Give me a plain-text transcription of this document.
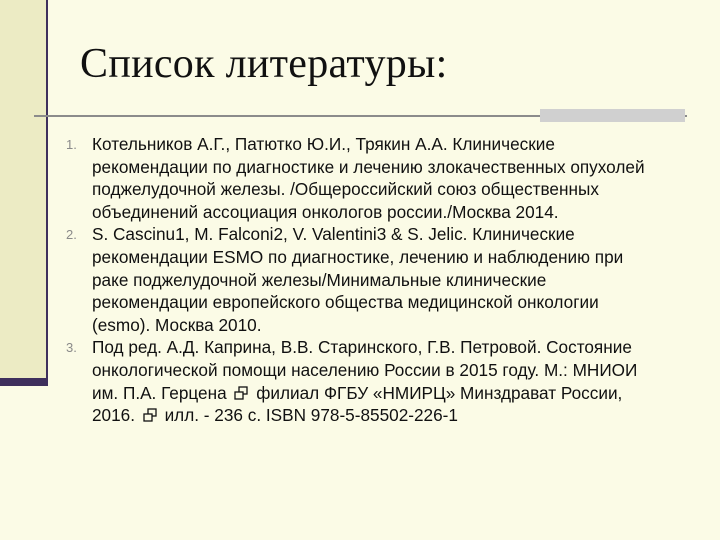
Список литературы:
1. Котельников А.Г., Патютко Ю.И., Трякин А.А. Клинические
рекомендации по диагностике и лечению злокачественных опухолей
поджелудочной железы. /Общероссийский союз общественных
объединений ассоциация онкологов россии./Москва 2014.
2. S. Cascinu1, M. Falconi2, V. Valentini3 & S. Jelic. Клинические
рекомендации ESMO по диагностике, лечению и наблюдению при
раке поджелудочной железы/Минимальные клинические
рекомендации европейского общества медицинской онкологии
(esmo). Москва 2010.
3. Под ред. А.Д. Каприна, В.В. Старинского, Г.В. Петровой. Состояние
онкологической помощи населению России в 2015 году. М.: МНИОИ
им. П.А. Герцена филиал ФГБУ «НМИРЦ» Минздрават России,
2016. илл. - 236 с. ISBN 978-5-85502-226-1
